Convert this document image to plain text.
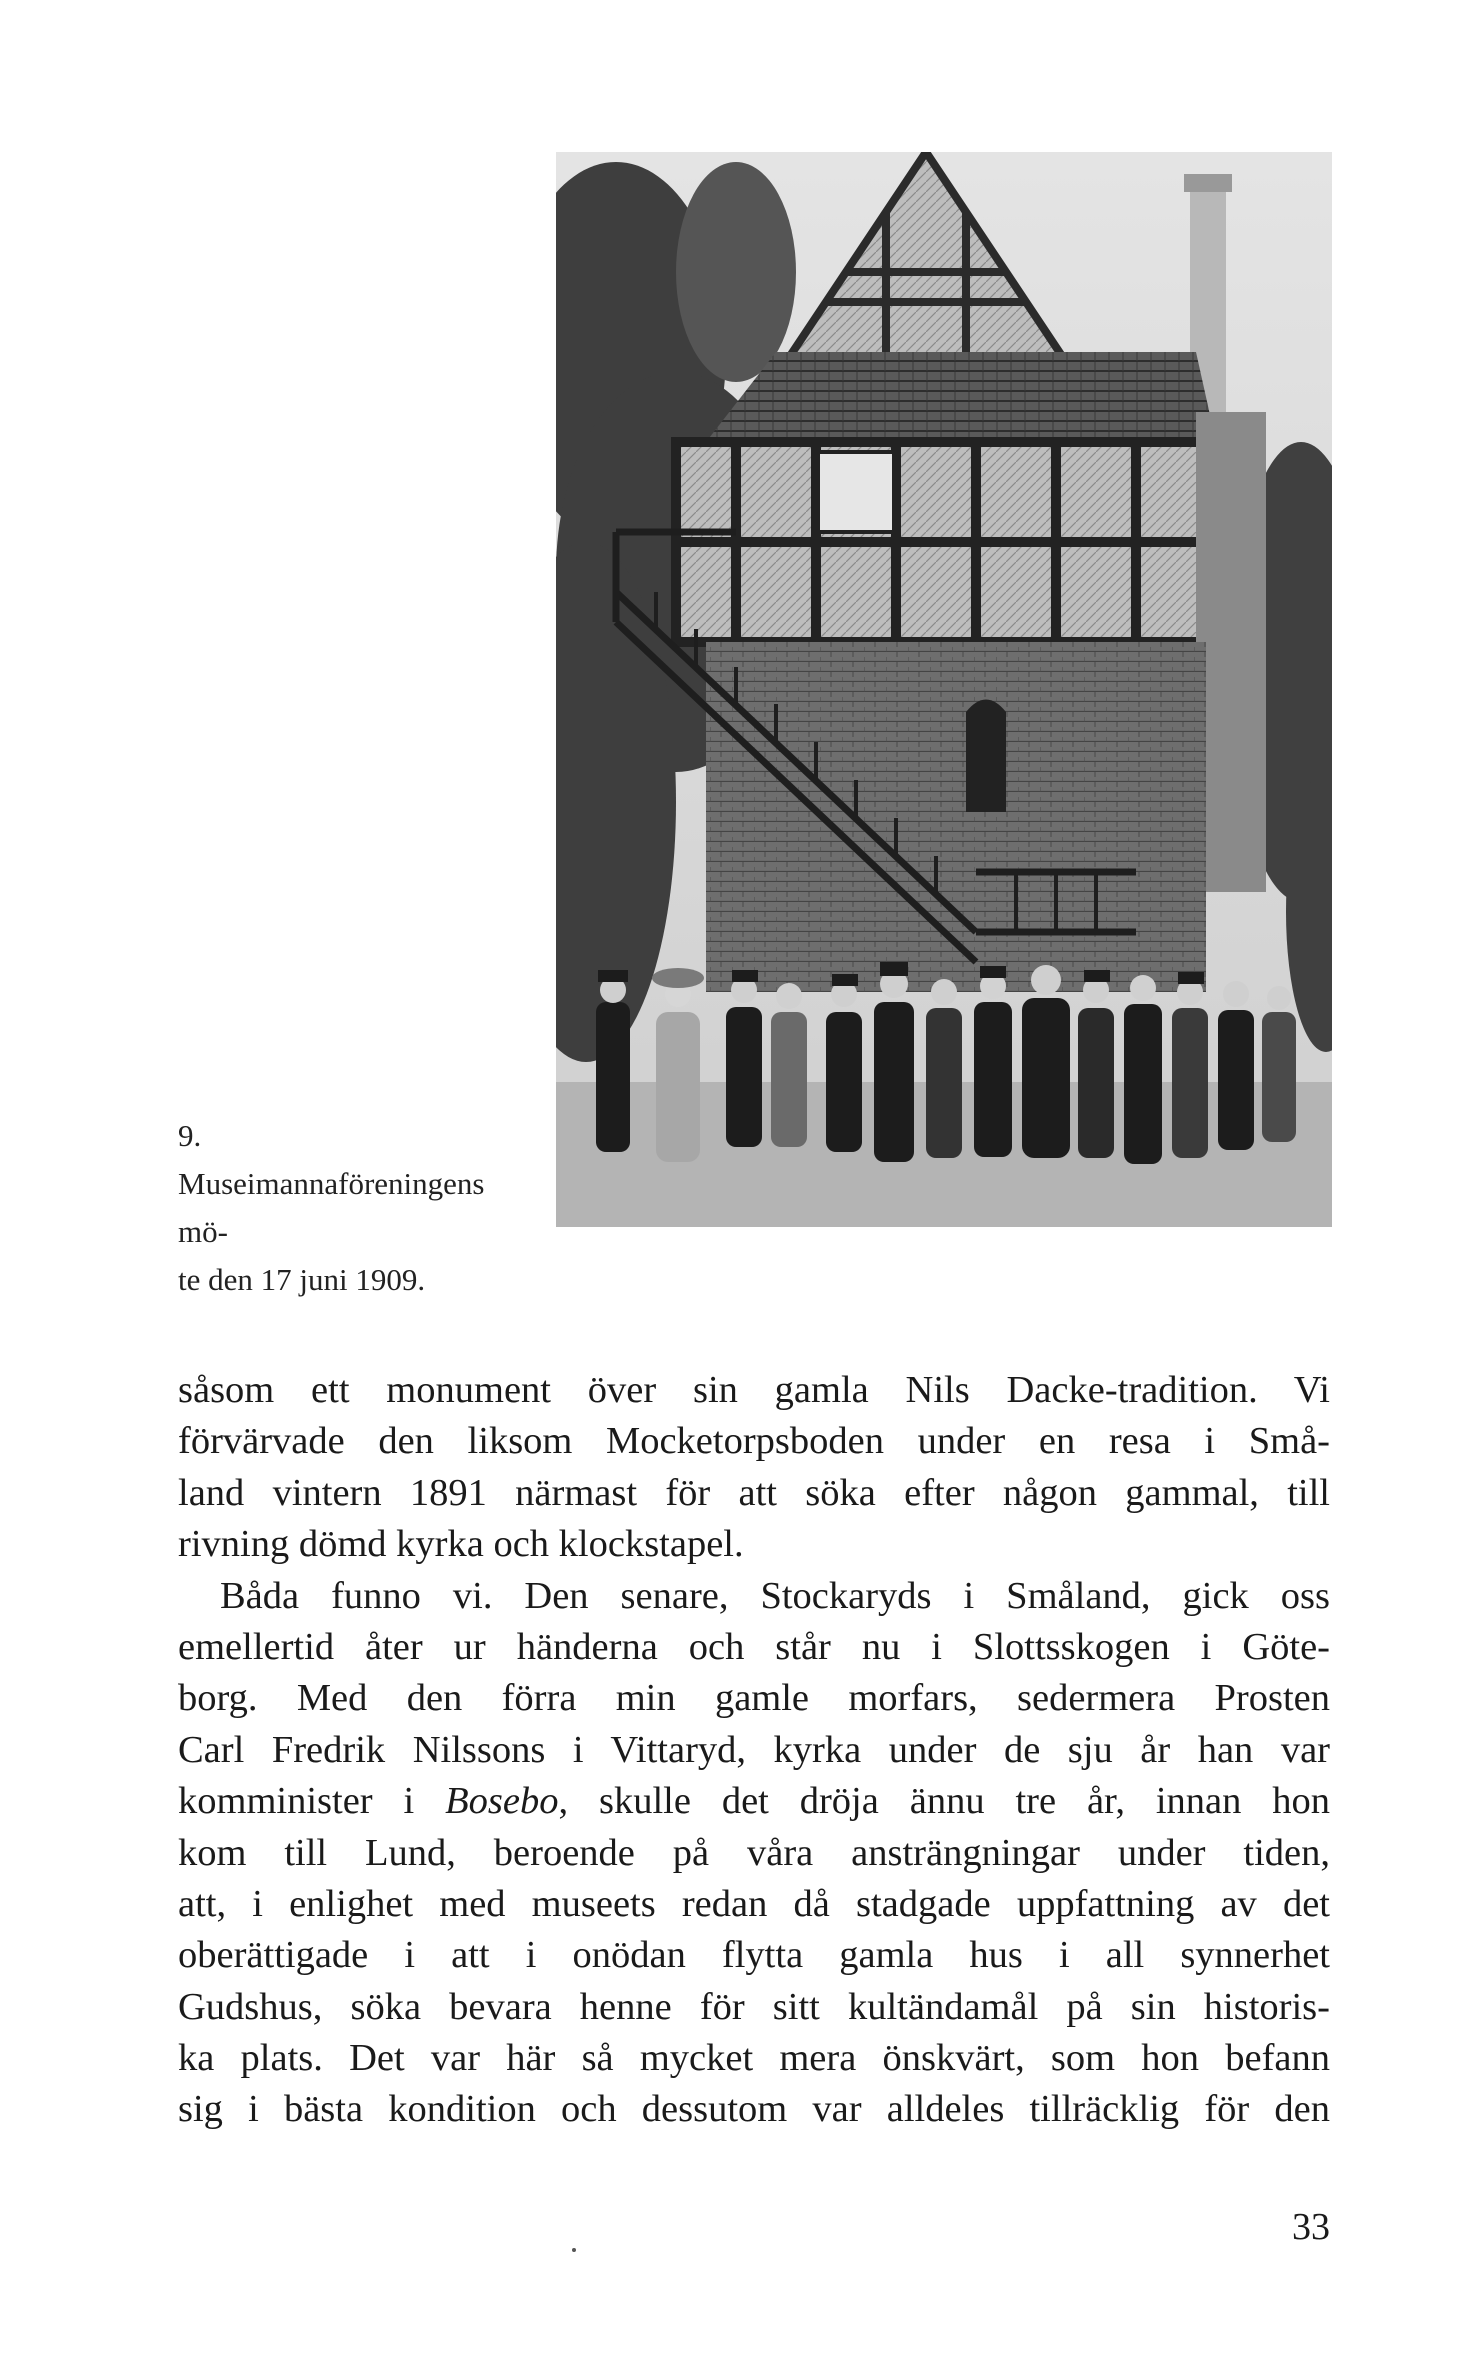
9. Museimannaföreningens mö-
te den 17 juni 1909.
såsom ett monument över sin gamla Nils Dacke-tradition. Vi
förvärvade den liksom Mocketorpsboden under en resa i Små-
land vintern 1891 närmast för att söka efter någon gammal, till
rivning dömd kyrka och klockstapel.
Båda funno vi. Den senare, Stockaryds i Småland, gick oss
emellertid åter ur händerna och står nu i Slottsskogen i Göte-
borg. Med den förra min gamle morfars, sedermera Prosten
Carl Fredrik Nilssons i Vittaryd, kyrka under de sju år han var
komminister i Bosebo, skulle det dröja ännu tre år, innan hon
kom till Lund, beroende på våra ansträngningar under tiden,
att, i enlighet med museets redan då stadgade uppfattning av det
oberättigade i att i onödan flytta gamla hus i all synnerhet
Gudshus, söka bevara henne för sitt kultändamål på sin historis-
ka plats. Det var här så mycket mera önskvärt, som hon befann
sig i bästa kondition och dessutom var alldeles tillräcklig för den
33
